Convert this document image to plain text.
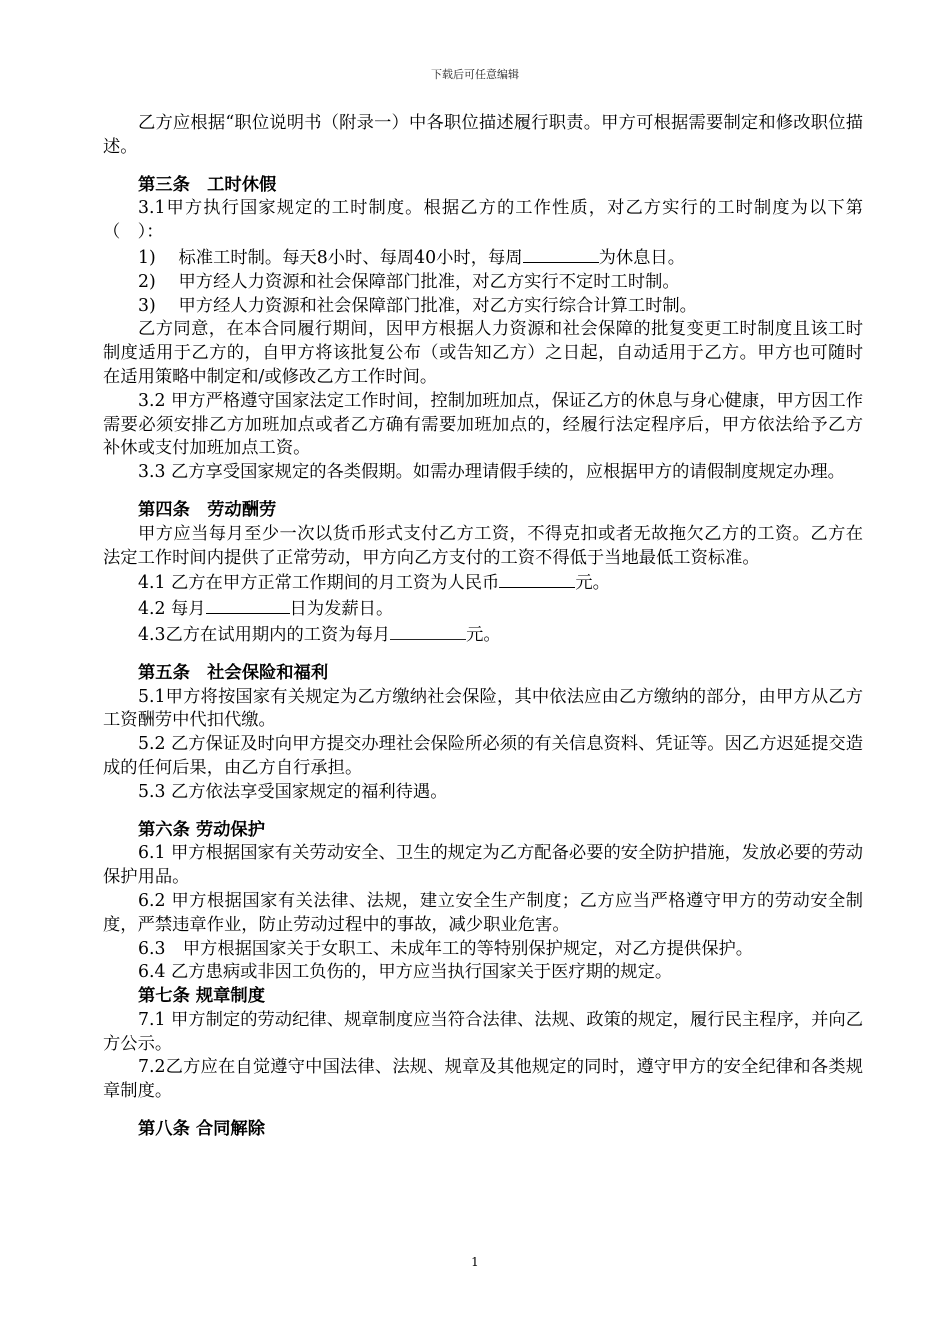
下载后可任意编辑

乙方应根据“职位说明书（附录一）中各职位描述履行职责。甲方可根据需要制定和修改职位描述。

第三条　工时休假

3.1甲方执行国家规定的工时制度。根据乙方的工作性质，对乙方实行的工时制度为以下第（　）：

1)　 标准工时制。每天8小时、每周40小时，每周	为休息日。

2)　 甲方经人力资源和社会保障部门批准，对乙方实行不定时工时制。

3)　 甲方经人力资源和社会保障部门批准，对乙方实行综合计算工时制。

乙方同意，在本合同履行期间，因甲方根据人力资源和社会保障的批复变更工时制度且该工时制度适用于乙方的，自甲方将该批复公布（或告知乙方）之日起，自动适用于乙方。甲方也可随时在适用策略中制定和/或修改乙方工作时间。

3.2 甲方严格遵守国家法定工作时间，控制加班加点，保证乙方的休息与身心健康，甲方因工作需要必须安排乙方加班加点或者乙方确有需要加班加点的，经履行法定程序后，甲方依法给予乙方补休或支付加班加点工资。

3.3 乙方享受国家规定的各类假期。如需办理请假手续的，应根据甲方的请假制度规定办理。

第四条　劳动酬劳

甲方应当每月至少一次以货币形式支付乙方工资，不得克扣或者无故拖欠乙方的工资。乙方在法定工作时间内提供了正常劳动，甲方向乙方支付的工资不得低于当地最低工资标准。

4.1 乙方在甲方正常工作期间的月工资为人民币	元。

4.2 每月	日为发薪日。

4.3乙方在试用期内的工资为每月	元。

第五条　社会保险和福利

5.1甲方将按国家有关规定为乙方缴纳社会保险，其中依法应由乙方缴纳的部分，由甲方从乙方工资酬劳中代扣代缴。

5.2 乙方保证及时向甲方提交办理社会保险所必须的有关信息资料、凭证等。因乙方迟延提交造成的任何后果，由乙方自行承担。

5.3 乙方依法享受国家规定的福利待遇。

第六条 劳动保护

6.1 甲方根据国家有关劳动安全、卫生的规定为乙方配备必要的安全防护措施，发放必要的劳动保护用品。

6.2 甲方根据国家有关法律、法规，建立安全生产制度；乙方应当严格遵守甲方的劳动安全制度，严禁违章作业，防止劳动过程中的事故，减少职业危害。

6.3　甲方根据国家关于女职工、未成年工的等特别保护规定，对乙方提供保护。

6.4 乙方患病或非因工负伤的，甲方应当执行国家关于医疗期的规定。

第七条 规章制度

7.1 甲方制定的劳动纪律、规章制度应当符合法律、法规、政策的规定，履行民主程序，并向乙方公示。

7.2乙方应在自觉遵守中国法律、法规、规章及其他规定的同时，遵守甲方的安全纪律和各类规章制度。

第八条 合同解除

1
